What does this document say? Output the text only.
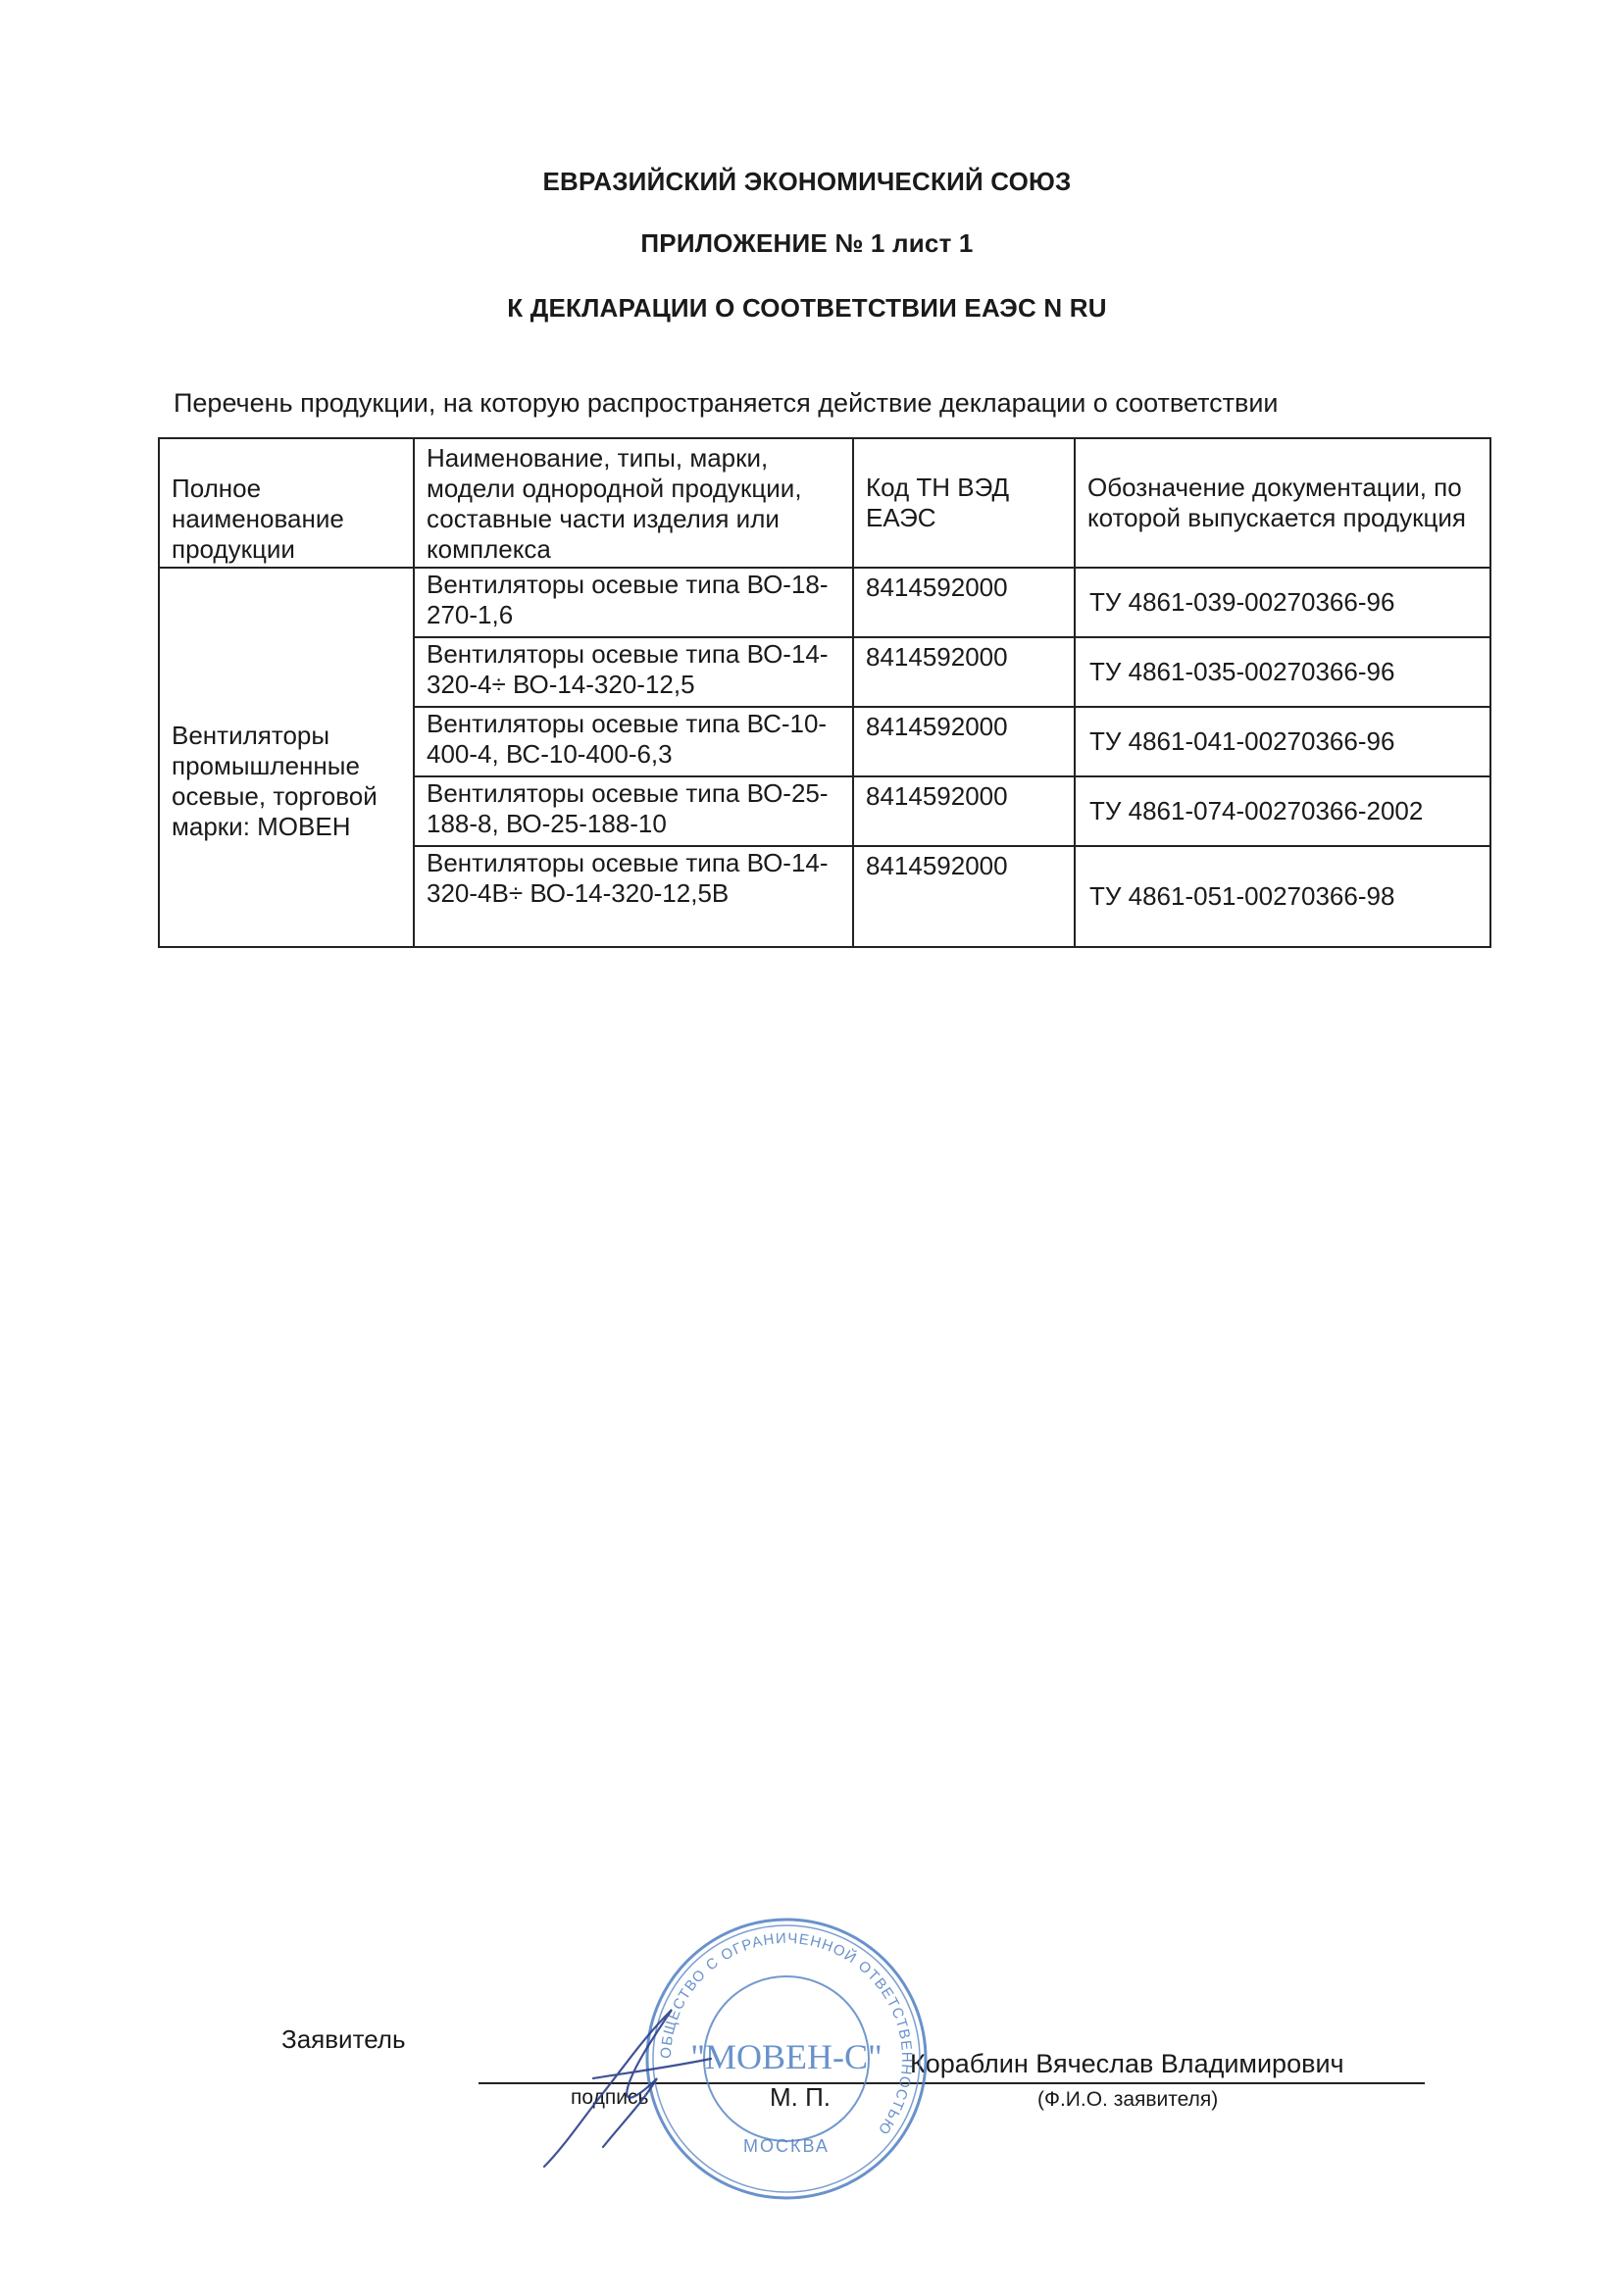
ЕВРАЗИЙСКИЙ ЭКОНОМИЧЕСКИЙ СОЮЗ
ПРИЛОЖЕНИЕ № 1 лист 1
К ДЕКЛАРАЦИИ О СООТВЕТСТВИИ ЕАЭС N RU
Перечень продукции, на которую распространяется действие декларации о соответствии
Полное наименование продукции	Наименование, типы, марки, модели однородной продукции, составные части изделия или комплекса	Код ТН ВЭД ЕАЭС	Обозначение документации, по которой выпускается продукция
Вентиляторы промышленные осевые, торговой марки: МОВЕН	Вентиляторы осевые типа ВО-18-270-1,6	8414592000	ТУ 4861-039-00270366-96
	Вентиляторы осевые типа ВО-14-320-4÷ ВО-14-320-12,5	8414592000	ТУ 4861-035-00270366-96
	Вентиляторы осевые типа ВС-10-400-4, ВС-10-400-6,3	8414592000	ТУ 4861-041-00270366-96
	Вентиляторы осевые типа ВО-25-188-8, ВО-25-188-10	8414592000	ТУ 4861-074-00270366-2002
	Вентиляторы осевые типа ВО-14-320-4В÷ ВО-14-320-12,5В	8414592000	ТУ 4861-051-00270366-98
Заявитель
подпись	М. П.
Кораблин Вячеслав Владимирович
(Ф.И.О. заявителя)
ОБЩЕСТВО С ОГРАНИЧЕННОЙ ОТВЕТСТВЕННОСТЬЮ
"МОВЕН-С"
МОСКВА
